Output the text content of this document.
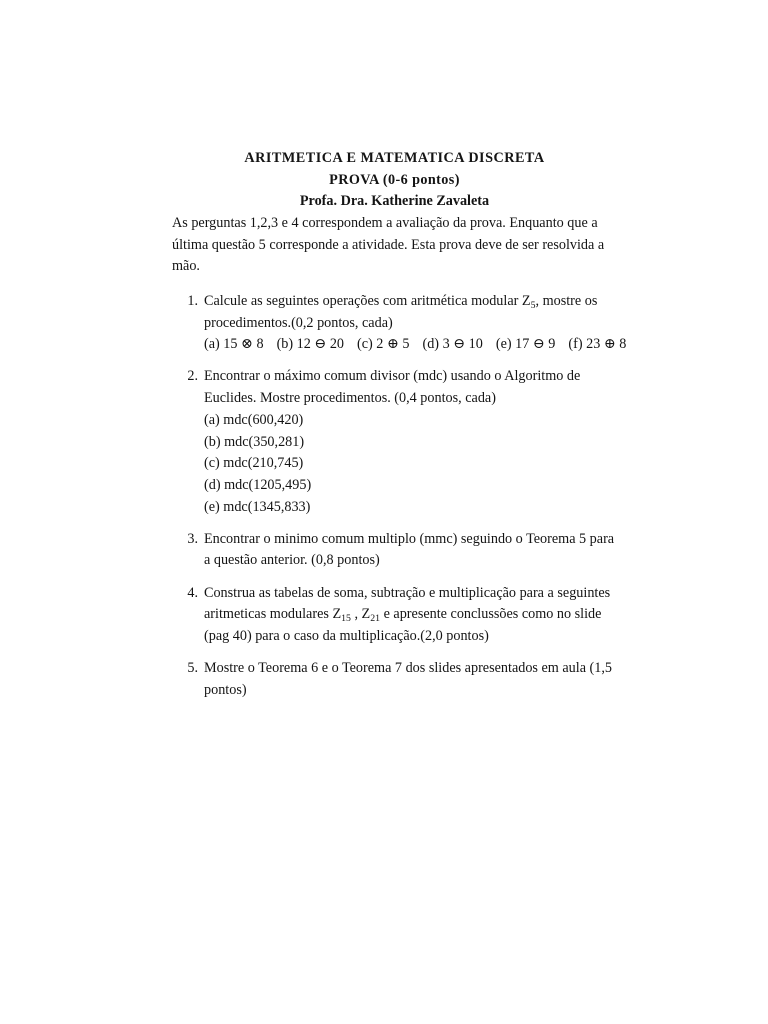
ARITMETICA E MATEMATICA DISCRETA
PROVA (0-6 pontos)
Profa. Dra. Katherine Zavaleta
As perguntas 1,2,3 e 4 correspondem a avaliação da prova. Enquanto que a
última questão 5 corresponde a atividade. Esta prova deve de ser resolvida a
mão.
1. Calcule as seguintes operações com aritmética modular $Z_5$, mostre os
procedimentos.(0,2 pontos, cada)
(a) 15 ⊗ 8 (b) 12 ⊖ 20 (c) 2 ⊕ 5 (d) 3 ⊖ 10 (e) 17 ⊖ 9 (f) 23 ⊕ 8
2. Encontrar o máximo comum divisor (mdc) usando o Algoritmo de
Euclides. Mostre procedimentos. (0,4 pontos, cada)
(a) mdc(600,420)
(b) mdc(350,281)
(c) mdc(210,745)
(d) mdc(1205,495)
(e) mdc(1345,833)
3. Encontrar o minimo comum multiplo (mmc) seguindo o Teorema 5 para
a questão anterior. (0,8 pontos)
4. Construa as tabelas de soma, subtração e multiplicação para a seguintes
aritmeticas modulares $Z_{15}$ , $Z_{21}$ e apresente conclussões como no slide
(pag 40) para o caso da multiplicação.(2,0 pontos)
5. Mostre o Teorema 6 e o Teorema 7 dos slides apresentados em aula (1,5
pontos)
